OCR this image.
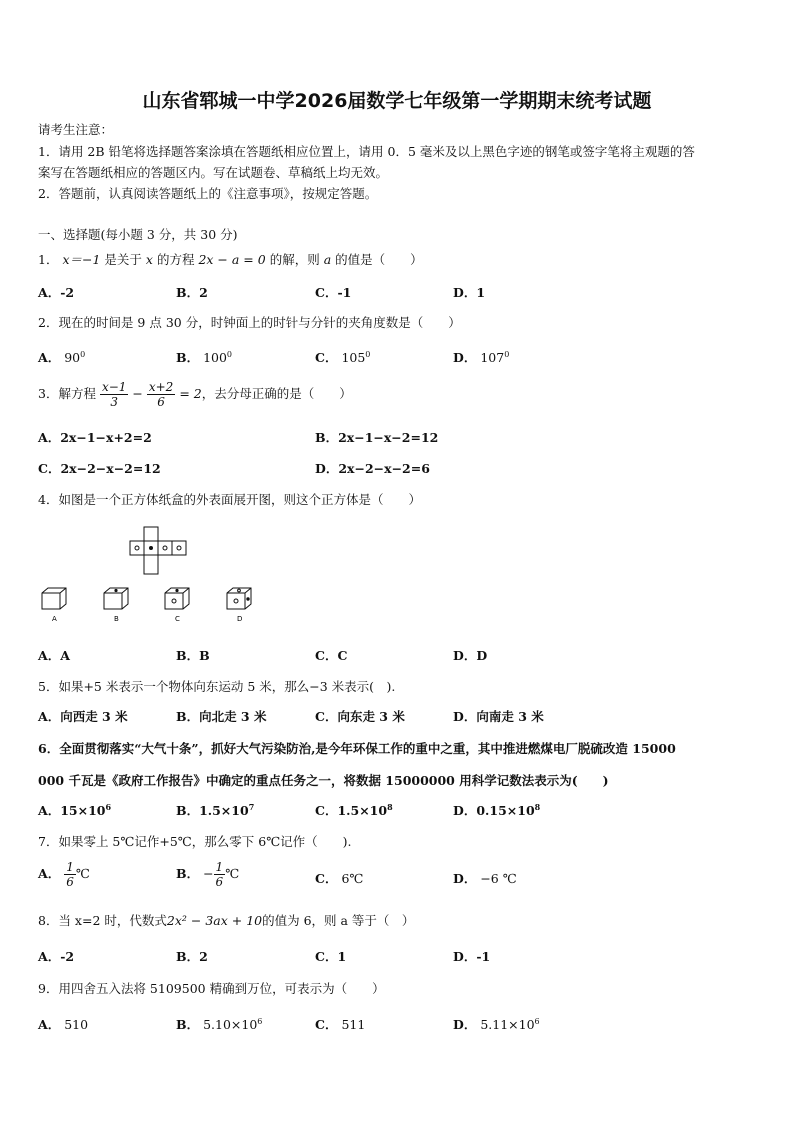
山东省郓城一中学2026届数学七年级第一学期期末统考试题
请考生注意：
1．请用 2B 铅笔将选择题答案涂填在答题纸相应位置上，请用 0．5 毫米及以上黑色字迹的钢笔或签字笔将主观题的答
案写在答题纸相应的答题区内。写在试题卷、草稿纸上均无效。
2．答题前，认真阅读答题纸上的《注意事项》，按规定答题。
一、选择题(每小题 3 分，共 30 分)
1． x＝−1 是关于 x 的方程 2x − a = 0 的解，则 a 的值是（　　）
A．-2	B．2	C．-1	D．1
2．现在的时间是 9 点 30 分，时钟面上的时针与分针的夹角度数是（　　）
A． $90^0$	B． $100^0$	C． $105^0$	D． $107^0$
3．解方程 $\frac{x-1}{3} - \frac{x+2}{6} = 2$，去分母正确的是（　　）
A．2x−1−x+2=2	B．2x−1−x−2=12
C．2x−2−x−2=12	D．2x−2−x−2=6
4．如图是一个正方体纸盒的外表面展开图，则这个正方体是（　　）
A	B	C	D
A．A	B．B	C．C	D．D
5．如果+5 米表示一个物体向东运动 5 米，那么−3 米表示(　).
A．向西走 3 米	B．向北走 3 米	C．向东走 3 米	D．向南走 3 米
6．全面贯彻落实“大气十条”，抓好大气污染防治,是今年环保工作的重中之重，其中推进燃煤电厂脱硫改造 15000
000 千瓦是《政府工作报告》中确定的重点任务之一，将数据 15000000 用科学记数法表示为(　　)
A．$15\times 10^6$	B．$1.5\times 10^7$	C．$1.5\times 10^8$	D．$0.15\times 10^8$
7．如果零上 5℃记作+5℃，那么零下 6℃记作（　　).
A． $\frac{1}{6}$ ℃	B． − $\frac{1}{6}$ ℃	C． 6℃	D． −6 ℃
8．当 x=2 时，代数式2x² − 3ax + 10的值为 6，则 a 等于（　）
A．-2	B．2	C．1	D．-1
9．用四舍五入法将 5109500 精确到万位，可表示为（　　）
A． 510	B． $5.10\times 10^6$	C． 511	D． $5.11\times 10^6$
